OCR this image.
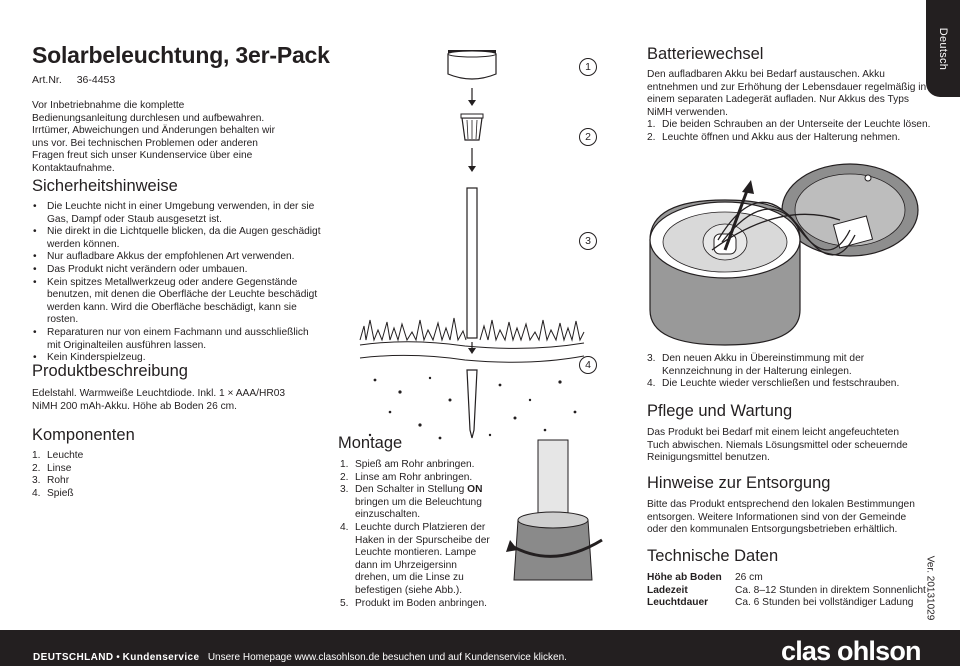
Solarbeleuchtung, 3er-Pack
Art.Nr. 36-4453

Vor Inbetriebnahme die komplette Bedienungsanleitung durchlesen und aufbewahren. Irrtümer, Abweichungen und Änderungen behalten wir uns vor. Bei technischen Problemen oder anderen Fragen freut sich unser Kundenservice über eine Kontaktaufnahme.

Sicherheitshinweise
• Die Leuchte nicht in einer Umgebung verwenden, in der sie Gas, Dampf oder Staub ausgesetzt ist.
• Nie direkt in die Lichtquelle blicken, da die Augen geschädigt werden können.
• Nur aufladbare Akkus der empfohlenen Art verwenden.
• Das Produkt nicht verändern oder umbauen.
• Kein spitzes Metallwerkzeug oder andere Gegenstände benutzen, mit denen die Oberfläche der Leuchte beschädigt werden kann. Wird die Oberfläche beschädigt, kann sie rosten.
• Reparaturen nur von einem Fachmann und ausschließlich mit Originalteilen ausführen lassen.
• Kein Kinderspielzeug.
Produktbeschreibung

Edelstahl. Warmweiße Leuchtdiode. Inkl. 1 × AAA/HR03 NiMH 200 mAh-Akku. Höhe ab Boden 26 cm.

Komponenten
1. Leuchte
2. Linse
3. Rohr
4. Spieß
1
2
3
4
Montage
1. Spieß am Rohr anbringen.
2. Linse am Rohr anbringen.
3. Den Schalter in Stellung ON bringen um die Beleuchtung einzuschalten.
4. Leuchte durch Platzieren der Haken in der Spurscheibe der Leuchte montieren. Lampe dann im Uhrzeigersinn drehen, um die Linse zu befestigen (siehe Abb.).
5. Produkt im Boden anbringen.
Deutsch
Batteriewechsel

Den aufladbaren Akku bei Bedarf austauschen. Akku entnehmen und zur Erhöhung der Lebensdauer regelmäßig in einem separaten Ladegerät aufladen. Nur Akkus des Typs NiMH verwenden.

1. Die beiden Schrauben an der Unterseite der Leuchte lösen.
2. Leuchte öffnen und Akku aus der Halterung nehmen.
3. Den neuen Akku in Übereinstimmung mit der Kennzeichnung in der Halterung einlegen.
4. Die Leuchte wieder verschließen und festschrauben.
Pflege und Wartung

Das Produkt bei Bedarf mit einem leicht angefeuchteten Tuch abwischen. Niemals Lösungsmittel oder scheuernde Reinigungsmittel benutzen.

Hinweise zur Entsorgung

Bitte das Produkt entsprechend den lokalen Bestimmungen entsorgen. Weitere Informationen sind von der Gemeinde oder den kommunalen Entsorgungsbetrieben erhältlich.

Technische Daten
Höhe ab Boden	26 cm
Ladezeit	Ca. 8–12 Stunden in direktem Sonnenlicht
Leuchtdauer	Ca. 6 Stunden bei vollständiger Ladung Ver. 20131029
DEUTSCHLAND • Kundenservice Unsere Homepage www.clasohlson.de besuchen und auf Kundenservice klicken.	clas ohlson
